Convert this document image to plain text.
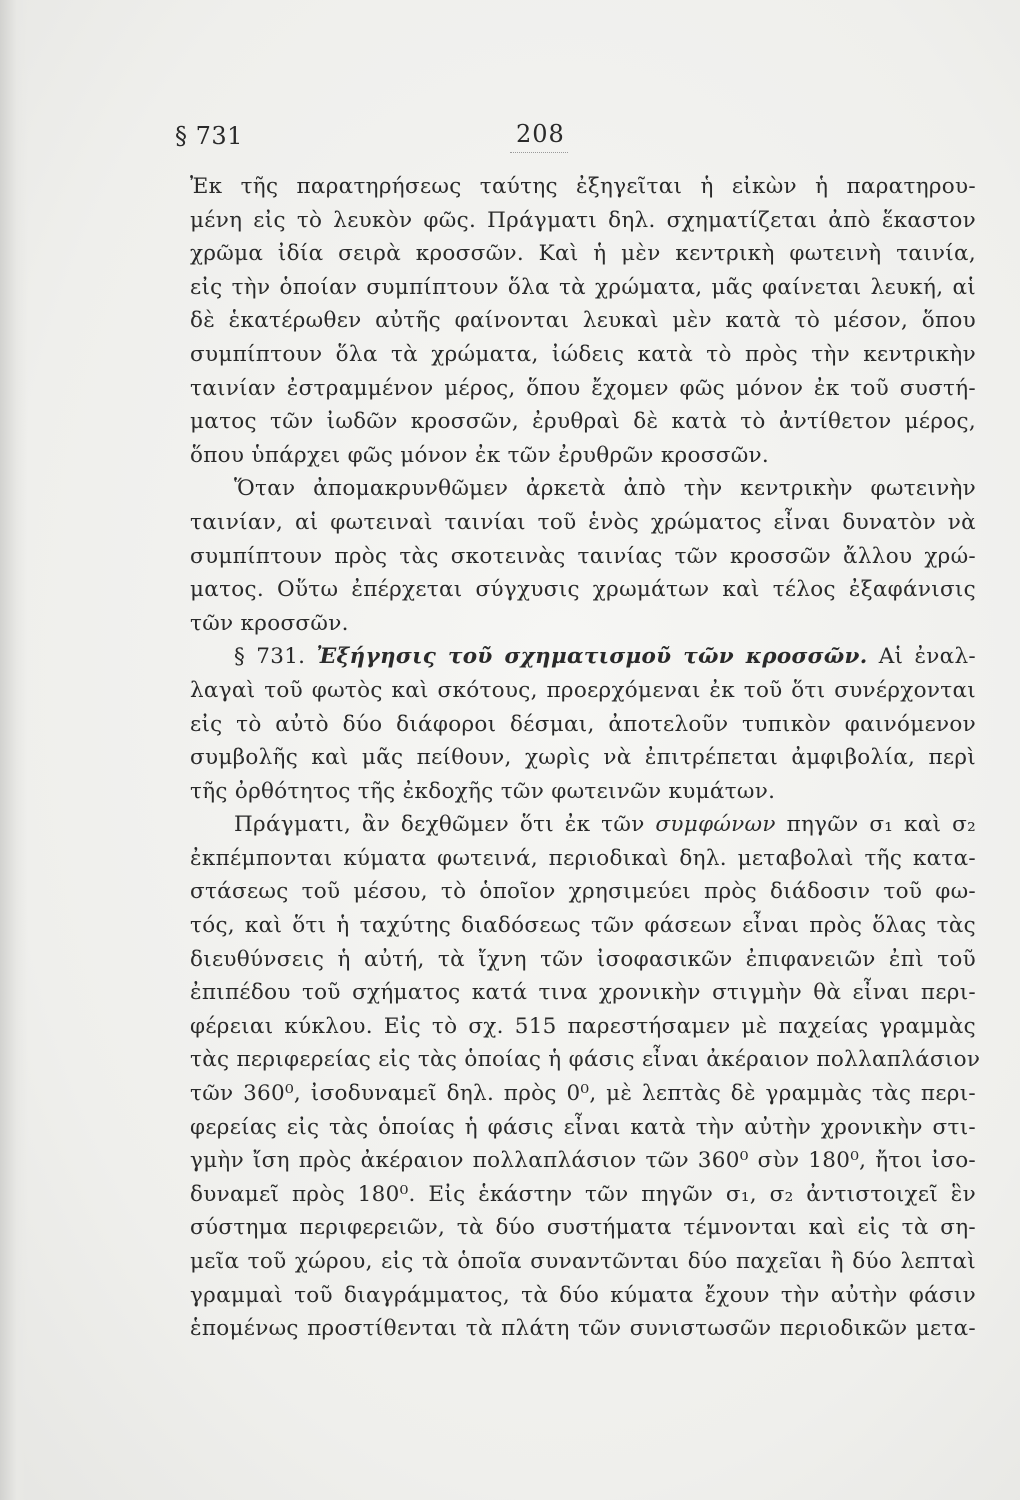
§ 731	208
Ἐκ τῆς παρατηρήσεως ταύτης ἐξηγεῖται ἡ εἰκὼν ἡ παρατηρου-
μένη εἰς τὸ λευκὸν φῶς. Πράγματι δηλ. σχηματίζεται ἀπὸ ἕκαστον
χρῶμα ἰδία σειρὰ κροσσῶν. Καὶ ἡ μὲν κεντρικὴ φωτεινὴ ταινία,
εἰς τὴν ὁποίαν συμπίπτουν ὅλα τὰ χρώματα, μᾶς φαίνεται λευκή, αἱ
δὲ ἑκατέρωθεν αὐτῆς φαίνονται λευκαὶ μὲν κατὰ τὸ μέσον, ὅπου
συμπίπτουν ὅλα τὰ χρώματα, ἰώδεις κατὰ τὸ πρὸς τὴν κεντρικὴν
ταινίαν ἐστραμμένον μέρος, ὅπου ἔχομεν φῶς μόνον ἐκ τοῦ συστή-
ματος τῶν ἰωδῶν κροσσῶν, ἐρυθραὶ δὲ κατὰ τὸ ἀντίθετον μέρος,
ὅπου ὑπάρχει φῶς μόνον ἐκ τῶν ἐρυθρῶν κροσσῶν.
Ὅταν ἀπομακρυνθῶμεν ἀρκετὰ ἀπὸ τὴν κεντρικὴν φωτεινὴν
ταινίαν, αἱ φωτειναὶ ταινίαι τοῦ ἑνὸς χρώματος εἶναι δυνατὸν νὰ
συμπίπτουν πρὸς τὰς σκοτεινὰς ταινίας τῶν κροσσῶν ἄλλου χρώ-
ματος. Οὕτω ἐπέρχεται σύγχυσις χρωμάτων καὶ τέλος ἐξαφάνισις
τῶν κροσσῶν.
§ 731. Ἐξήγησις τοῦ σχηματισμοῦ τῶν κροσσῶν. Αἱ ἐναλ-
λαγαὶ τοῦ φωτὸς καὶ σκότους, προερχόμεναι ἐκ τοῦ ὅτι συνέρχονται
εἰς τὸ αὐτὸ δύο διάφοροι δέσμαι, ἀποτελοῦν τυπικὸν φαινόμενον
συμβολῆς καὶ μᾶς πείθουν, χωρὶς νὰ ἐπιτρέπεται ἀμφιβολία, περὶ
τῆς ὀρθότητος τῆς ἐκδοχῆς τῶν φωτεινῶν κυμάτων.
Πράγματι, ἂν δεχθῶμεν ὅτι ἐκ τῶν συμφώνων πηγῶν σ₁ καὶ σ₂
ἐκπέμπονται κύματα φωτεινά, περιοδικαὶ δηλ. μεταβολαὶ τῆς κατα-
στάσεως τοῦ μέσου, τὸ ὁποῖον χρησιμεύει πρὸς διάδοσιν τοῦ φω-
τός, καὶ ὅτι ἡ ταχύτης διαδόσεως τῶν φάσεων εἶναι πρὸς ὅλας τὰς
διευθύνσεις ἡ αὐτή, τὰ ἴχνη τῶν ἰσοφασικῶν ἐπιφανειῶν ἐπὶ τοῦ
ἐπιπέδου τοῦ σχήματος κατά τινα χρονικὴν στιγμὴν θὰ εἶναι περι-
φέρειαι κύκλου. Εἰς τὸ σχ. 515 παρεστήσαμεν μὲ παχείας γραμμὰς
τὰς περιφερείας εἰς τὰς ὁποίας ἡ φάσις εἶναι ἀκέραιον πολλαπλάσιον
τῶν 360⁰, ἰσοδυναμεῖ δηλ. πρὸς 0⁰, μὲ λεπτὰς δὲ γραμμὰς τὰς περι-
φερείας εἰς τὰς ὁποίας ἡ φάσις εἶναι κατὰ τὴν αὐτὴν χρονικὴν στι-
γμὴν ἴση πρὸς ἀκέραιον πολλαπλάσιον τῶν 360⁰ σὺν 180⁰, ἤτοι ἰσο-
δυναμεῖ πρὸς 180⁰. Εἰς ἑκάστην τῶν πηγῶν σ₁, σ₂ ἀντιστοιχεῖ ἓν
σύστημα περιφερειῶν, τὰ δύο συστήματα τέμνονται καὶ εἰς τὰ ση-
μεῖα τοῦ χώρου, εἰς τὰ ὁποῖα συναντῶνται δύο παχεῖαι ἢ δύο λεπταὶ
γραμμαὶ τοῦ διαγράμματος, τὰ δύο κύματα ἔχουν τὴν αὐτὴν φάσιν
ἑπομένως προστίθενται τὰ πλάτη τῶν συνιστωσῶν περιοδικῶν μετα-
